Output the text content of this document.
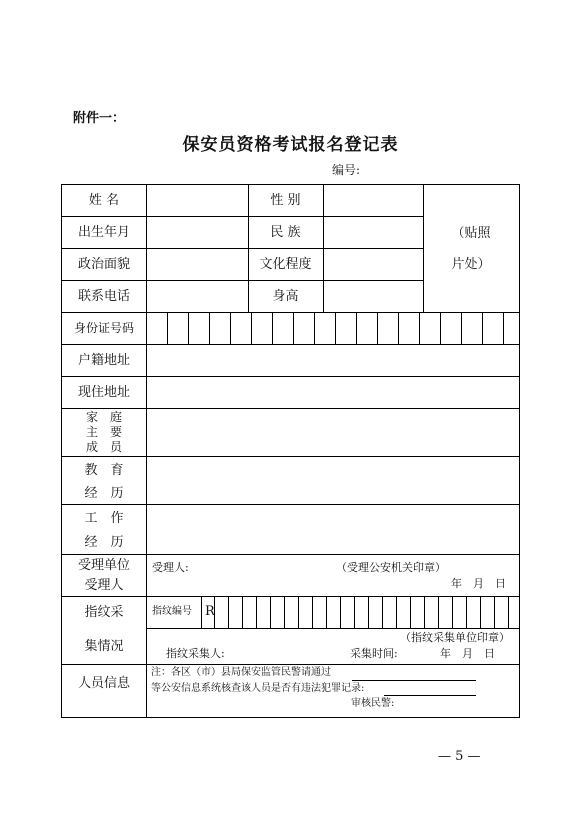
附件一：
保安员资格考试报名登记表
编号:
姓 名	性 别
（贴照
片处）
出生年月	民 族
政治面貌	文化程度
联系电话	身高
身份证号码
户籍地址
现住地址
家　庭
主　要
成　员
教　育
经　历
工　作
经　历
受理单位
受理人
受理人:	（受理公安机关印章）
年　月　日
指纹采
集情况
指纹编号 R
（指纹采集单位印章）
指纹采集人:	采集时间:	年　月　日
人员信息
注：各区（市）县局保安监管民警请通过
等公安信息系统核查该人员是否有违法犯罪记录:
审核民警:
— 5 —
